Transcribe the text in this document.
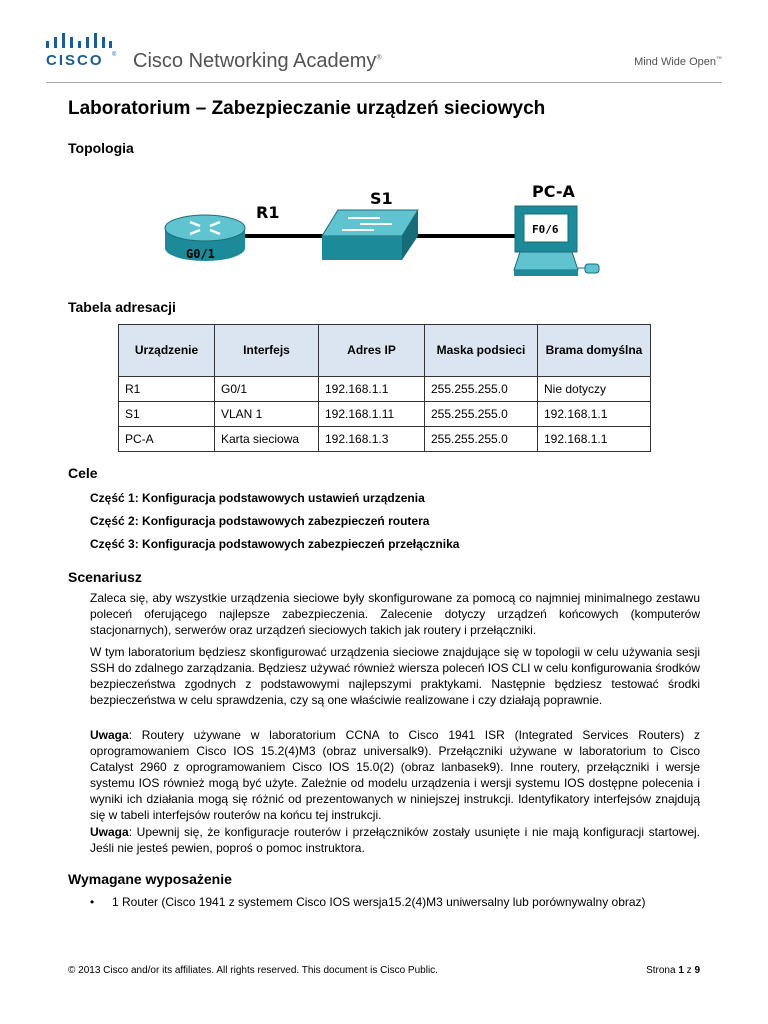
CISCO ® Cisco Networking Academy®	Mind Wide Open™
Laboratorium – Zabezpieczanie urządzeń sieciowych
Topologia
R1
G0/1
S1	PC-A
F0/6
Tabela adresacji
Urządzenie	Interfejs	Adres IP	Maska podsieci	Brama domyślna
R1	G0/1	192.168.1.1	255.255.255.0	Nie dotyczy
S1	VLAN 1	192.168.1.11	255.255.255.0	192.168.1.1
PC-A	Karta sieciowa	192.168.1.3	255.255.255.0	192.168.1.1
Cele
Część 1: Konfiguracja podstawowych ustawień urządzenia
Część 2: Konfiguracja podstawowych zabezpieczeń routera
Część 3: Konfiguracja podstawowych zabezpieczeń przełącznika
Scenariusz

Zaleca się, aby wszystkie urządzenia sieciowe były skonfigurowane za pomocą co najmniej minimalnego zestawu poleceń oferującego najlepsze zabezpieczenia. Zalecenie dotyczy urządzeń końcowych (komputerów stacjonarnych), serwerów oraz urządzeń sieciowych takich jak routery i przełączniki.

W tym laboratorium będziesz skonfigurować urządzenia sieciowe znajdujące się w topologii w celu używania sesji SSH do zdalnego zarządzania. Będziesz używać również wiersza poleceń IOS CLI w celu konfigurowania środków bezpieczeństwa zgodnych z podstawowymi najlepszymi praktykami. Następnie będziesz testować środki bezpieczeństwa w celu sprawdzenia, czy są one właściwie realizowane i czy działają poprawnie.

Uwaga: Routery używane w laboratorium CCNA to Cisco 1941 ISR (Integrated Services Routers) z oprogramowaniem Cisco IOS 15.2(4)M3 (obraz universalk9). Przełączniki używane w laboratorium to Cisco Catalyst 2960 z oprogramowaniem Cisco IOS 15.0(2) (obraz lanbasek9). Inne routery, przełączniki i wersje systemu IOS również mogą być użyte. Zależnie od modelu urządzenia i wersji systemu IOS dostępne polecenia i wyniki ich działania mogą się różnić od prezentowanych w niniejszej instrukcji. Identyfikatory interfejsów znajdują się w tabeli interfejsów routerów na końcu tej instrukcji.

Uwaga: Upewnij się, że konfiguracje routerów i przełączników zostały usunięte i nie mają konfiguracji startowej. Jeśli nie jesteś pewien, poproś o pomoc instruktora.

Wymagane wyposażenie
•	1 Router (Cisco 1941 z systemem Cisco IOS wersja15.2(4)M3 uniwersalny lub porównywalny obraz)
© 2013 Cisco and/or its affiliates. All rights reserved. This document is Cisco Public.	Strona 1 z 9
